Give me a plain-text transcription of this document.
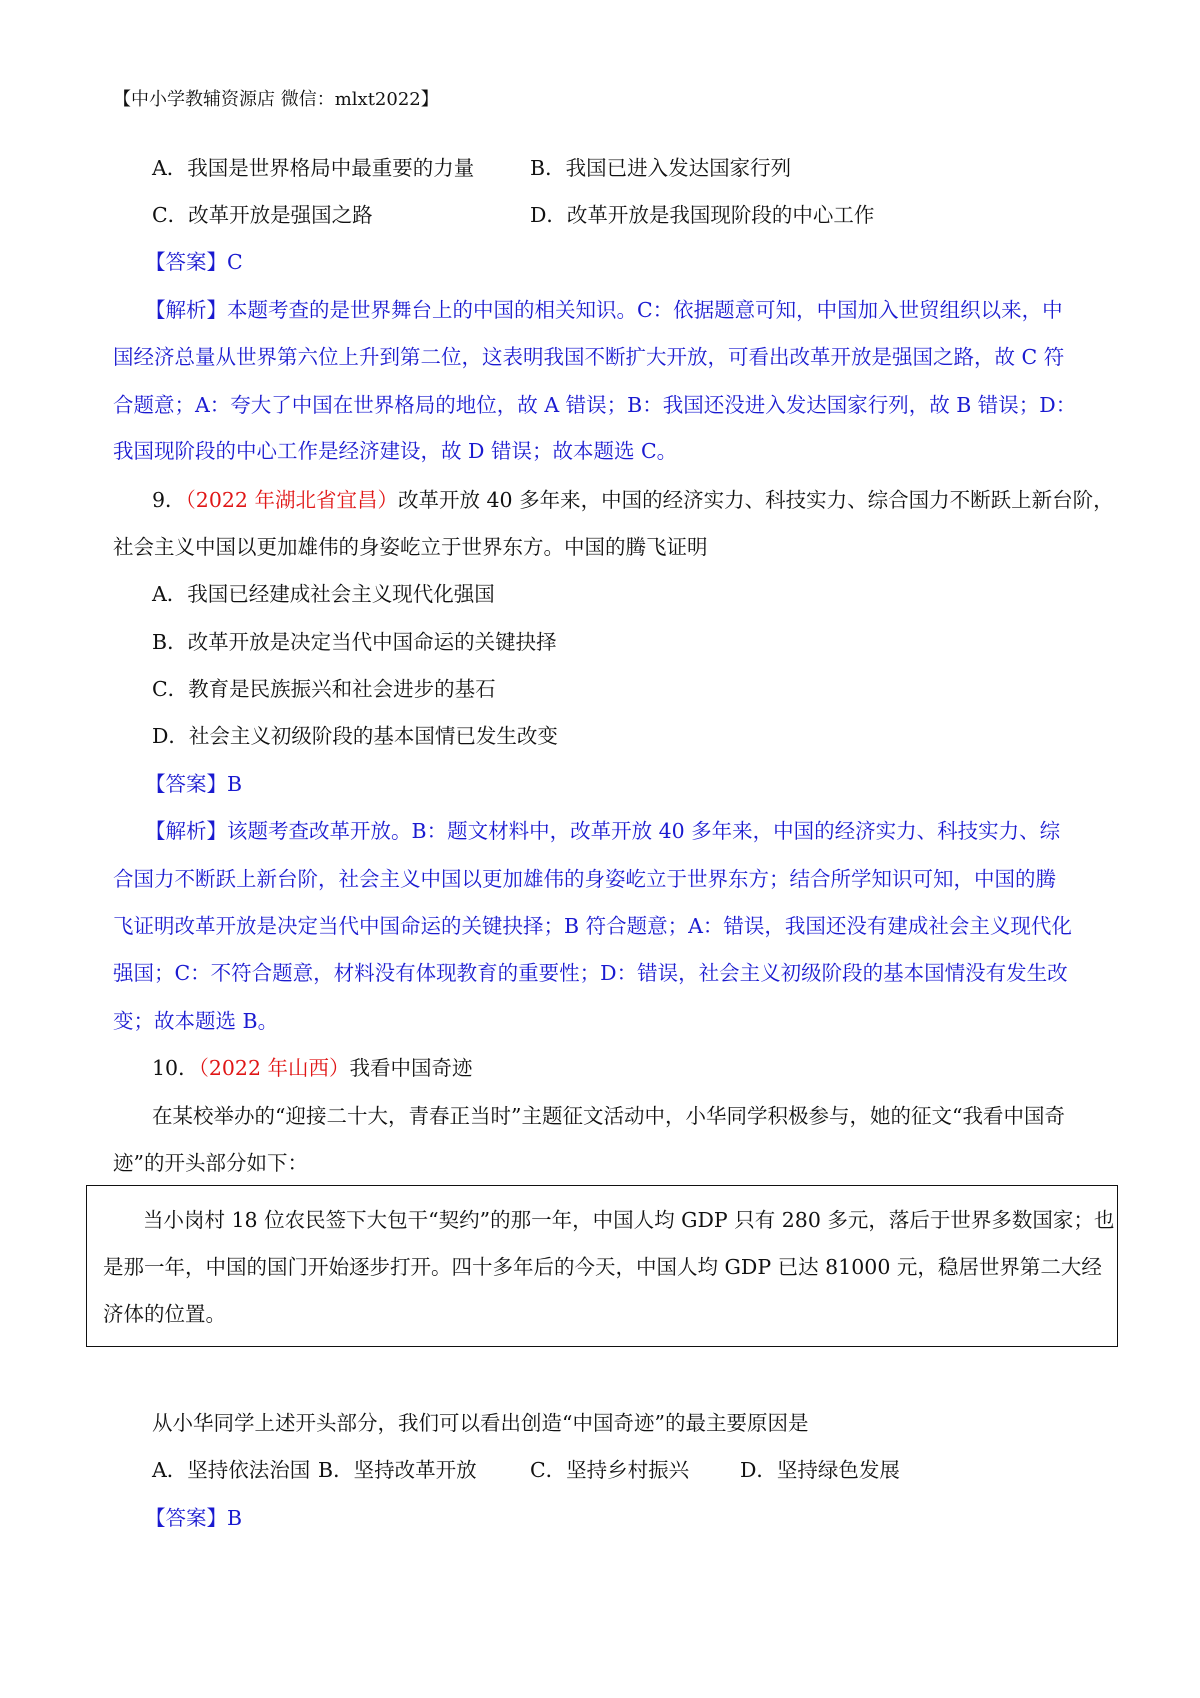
【中小学教辅资源店 微信：mlxt2022】
A．我国是世界格局中最重要的力量	B．我国已进入发达国家行列
C．改革开放是强国之路	D．改革开放是我国现阶段的中心工作
【答案】C
【解析】本题考查的是世界舞台上的中国的相关知识。C：依据题意可知，中国加入世贸组织以来，中
国经济总量从世界第六位上升到第二位，这表明我国不断扩大开放，可看出改革开放是强国之路，故 C 符
合题意；A：夸大了中国在世界格局的地位，故 A 错误；B：我国还没进入发达国家行列，故 B 错误；D：
我国现阶段的中心工作是经济建设，故 D 错误；故本题选 C。
9．（2022 年湖北省宜昌）改革开放 40 多年来，中国的经济实力、科技实力、综合国力不断跃上新台阶，
社会主义中国以更加雄伟的身姿屹立于世界东方。中国的腾飞证明
A．我国已经建成社会主义现代化强国
B．改革开放是决定当代中国命运的关键抉择
C．教育是民族振兴和社会进步的基石
D．社会主义初级阶段的基本国情已发生改变
【答案】B
【解析】该题考查改革开放。B：题文材料中，改革开放 40 多年来，中国的经济实力、科技实力、综
合国力不断跃上新台阶，社会主义中国以更加雄伟的身姿屹立于世界东方；结合所学知识可知，中国的腾
飞证明改革开放是决定当代中国命运的关键抉择；B 符合题意；A：错误，我国还没有建成社会主义现代化
强国；C：不符合题意，材料没有体现教育的重要性；D：错误，社会主义初级阶段的基本国情没有发生改
变；故本题选 B。
10．（2022 年山西）我看中国奇迹
在某校举办的“迎接二十大，青春正当时”主题征文活动中，小华同学积极参与，她的征文“我看中国奇
迹”的开头部分如下：
当小岗村 18 位农民签下大包干“契约”的那一年，中国人均 GDP 只有 280 多元，落后于世界多数国家；也
是那一年，中国的国门开始逐步打开。四十多年后的今天，中国人均 GDP 已达 81000 元，稳居世界第二大经
济体的位置。
从小华同学上述开头部分，我们可以看出创造“中国奇迹”的最主要原因是
A．坚持依法治国 B．坚持改革开放	C．坚持乡村振兴 D．坚持绿色发展
【答案】B
